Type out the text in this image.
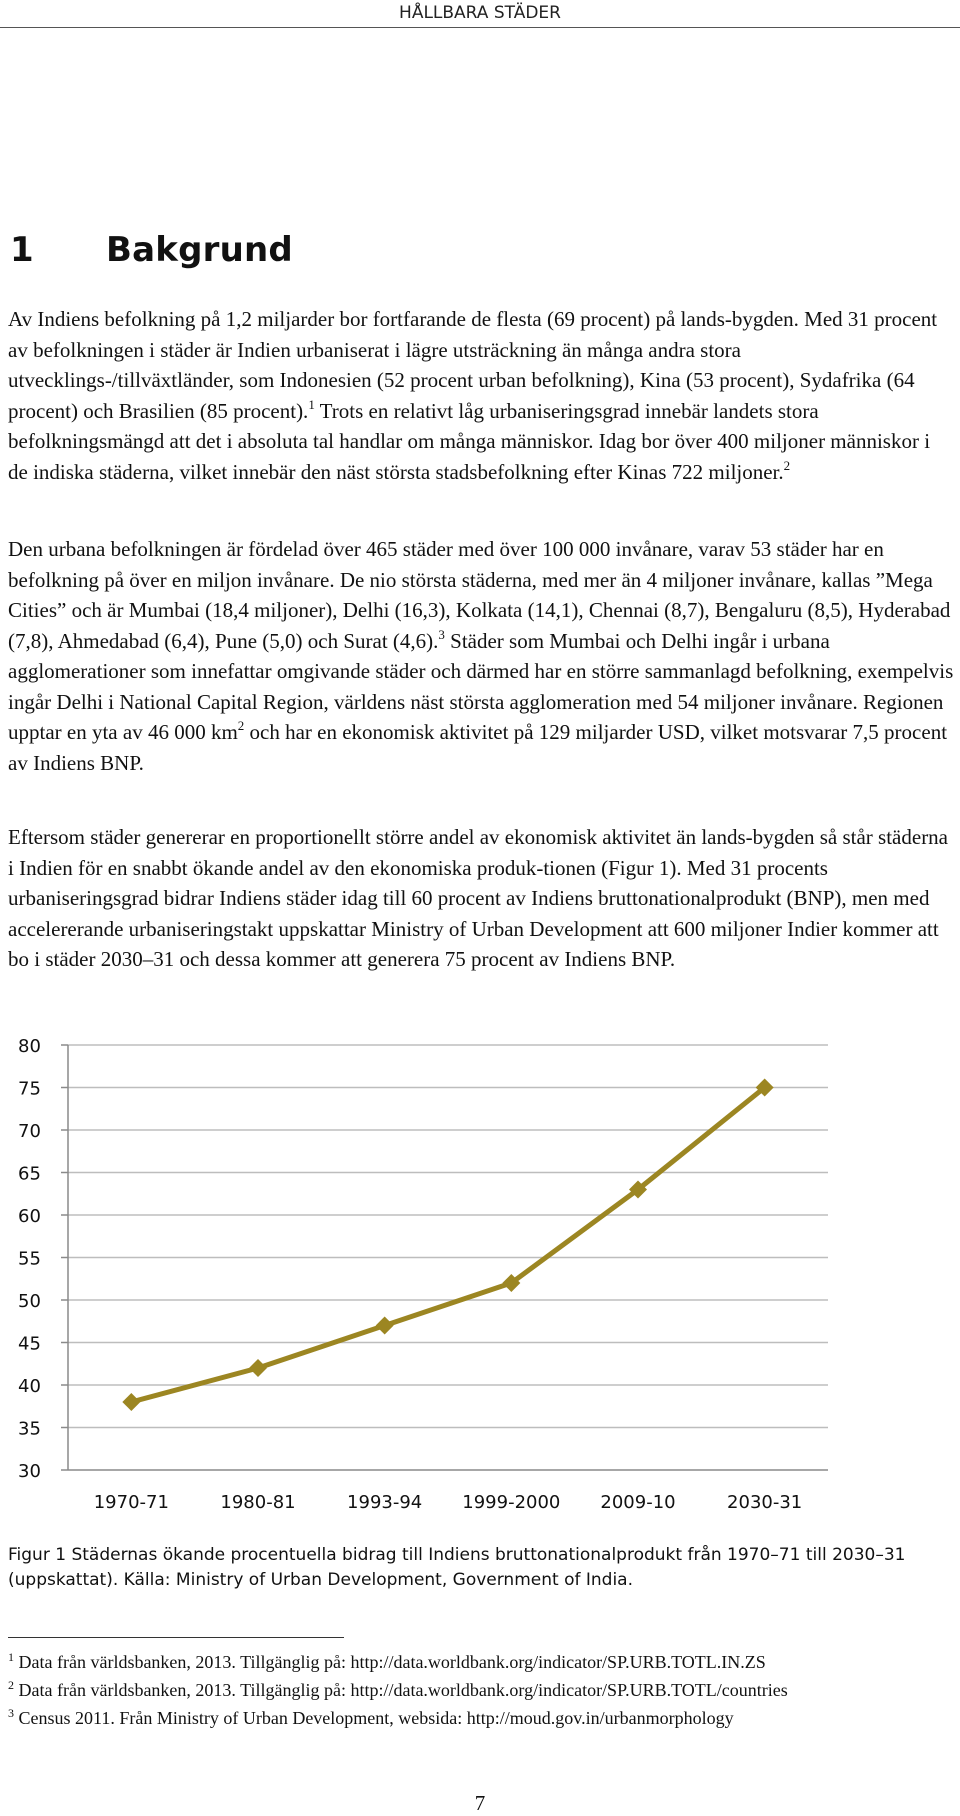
HÅLLBARA STÄDER
1 Bakgrund

Av Indiens befolkning på 1,2 miljarder bor fortfarande de flesta (69 procent) på lands-bygden. Med 31 procent av befolkningen i städer är Indien urbaniserat i lägre utsträckning än många andra stora utvecklings-/tillväxtländer, som Indonesien (52 procent urban befolkning), Kina (53 procent), Sydafrika (64 procent) och Brasilien (85 procent).$^1$ Trots en relativt låg urbaniseringsgrad innebär landets stora befolkningsmängd att det i absoluta tal handlar om många människor. Idag bor över 400 miljoner människor i de indiska städerna, vilket innebär den näst största stadsbefolkning efter Kinas 722 miljoner.$^2$

Den urbana befolkningen är fördelad över 465 städer med över 100 000 invånare, varav 53 städer har en befolkning på över en miljon invånare. De nio största städerna, med mer än 4 miljoner invånare, kallas ”Mega Cities” och är Mumbai (18,4 miljoner), Delhi (16,3), Kolkata (14,1), Chennai (8,7), Bengaluru (8,5), Hyderabad (7,8), Ahmedabad (6,4), Pune (5,0) och Surat (4,6).$^3$ Städer som Mumbai och Delhi ingår i urbana agglomerationer som innefattar omgivande städer och därmed har en större sammanlagd befolkning, exempelvis ingår Delhi i National Capital Region, världens näst största agglomeration med 54 miljoner invånare. Regionen upptar en yta av 46 000 $km^2$ och har en ekonomisk aktivitet på 129 miljarder USD, vilket motsvarar 7,5 procent av Indiens BNP.

Eftersom städer genererar en proportionellt större andel av ekonomisk aktivitet än lands-bygden så står städerna i Indien för en snabbt ökande andel av den ekonomiska produk-tionen (Figur 1). Med 31 procents urbaniseringsgrad bidrar Indiens städer idag till 60 procent av Indiens bruttonationalprodukt (BNP), men med accelererande urbaniseringstakt uppskattar Ministry of Urban Development att 600 miljoner Indier kommer att bo i städer 2030–31 och dessa kommer att generera 75 procent av Indiens BNP.

30
35
40
45
50
55
60
65
70
75
80
1970-71	1980-81	1993-94 1999-2000 2009-10	2030-31

Figur 1 Städernas ökande procentuella bidrag till Indiens bruttonationalprodukt från 1970–71 till 2030–31 (uppskattat). Källa: Ministry of Urban Development, Government of India.

$^1$ Data från världsbanken, 2013. Tillgänglig på: http://data.worldbank.org/indicator/SP.URB.TOTL.IN.ZS
$^2$ Data från världsbanken, 2013. Tillgänglig på: http://data.worldbank.org/indicator/SP.URB.TOTL/countries
$^3$ Census 2011. Från Ministry of Urban Development, websida: http://moud.gov.in/urbanmorphology
7
